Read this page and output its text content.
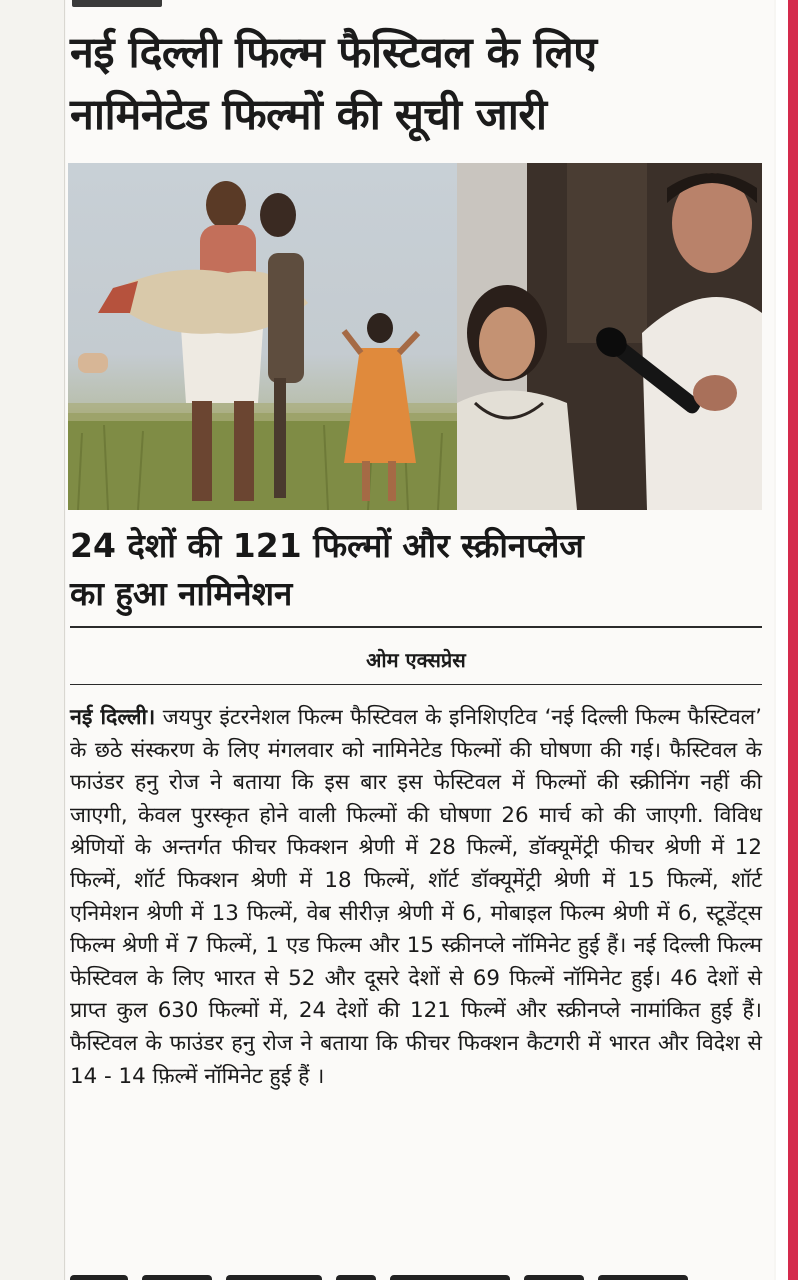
नई दिल्ली फिल्म फैस्टिवल के लिए
नामिनेटेड फिल्मों की सूची जारी
24 देशों की 121 फिल्मों और स्क्रीनप्लेज
का हुआ नामिनेशन
ओम एक्सप्रेस

नई दिल्ली। जयपुर इंटरनेशल फिल्म फैस्टिवल के इनिशिएटिव ‘नई दिल्ली फिल्म फैस्टिवल’ के छठे संस्करण के लिए मंगलवार को नामिनेटेड फिल्मों की घोषणा की गई। फैस्टिवल के फाउंडर हनु रोज ने बताया कि इस बार इस फेस्टिवल में फिल्मों की स्क्रीनिंग नहीं की जाएगी, केवल पुरस्कृत होने वाली फिल्मों की घोषणा 26 मार्च को की जाएगी. विविध श्रेणियों के अन्तर्गत फीचर फिक्शन श्रेणी में 28 फिल्में, डॉक्यूमेंट्री फीचर श्रेणी में 12 फिल्में, शॉर्ट फिक्शन श्रेणी में 18 फिल्में, शॉर्ट डॉक्यूमेंट्री श्रेणी में 15 फिल्में, शॉर्ट एनिमेशन श्रेणी में 13 फिल्में, वेब सीरीज़ श्रेणी में 6, मोबाइल फिल्म श्रेणी में 6, स्टूडेंट्स फिल्म श्रेणी में 7 फिल्में, 1 एड फिल्म और 15 स्क्रीनप्ले नॉमिनेट हुई हैं। नई दिल्ली फिल्म फेस्टिवल के लिए भारत से 52 और दूसरे देशों से 69 फिल्में नॉमिनेट हुई। 46 देशों से प्राप्त कुल 630 फिल्मों में, 24 देशों की 121 फिल्में और स्क्रीनप्ले नामांकित हुई हैं। फैस्टिवल के फाउंडर हनु रोज ने बताया कि फीचर फिक्शन कैटगरी में भारत और विदेश से 14 - 14 फ़िल्में नॉमिनेट हुई हैं ।
